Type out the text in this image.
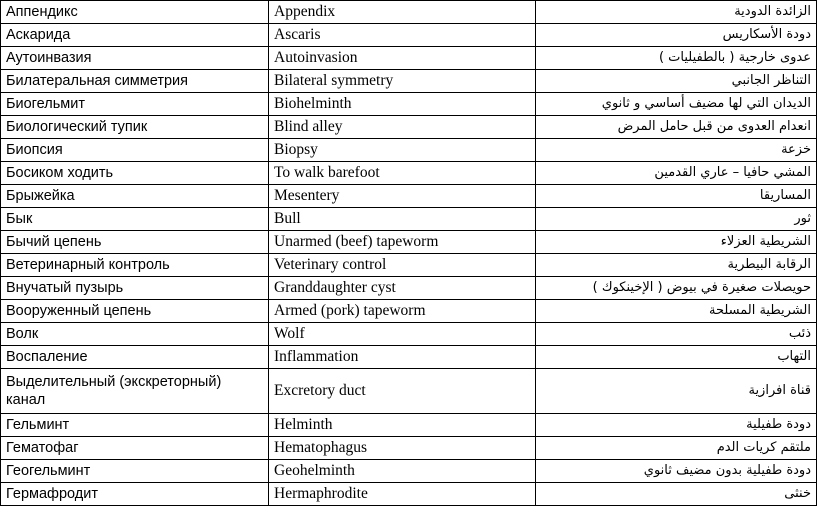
Аппендикс	Appendix	الزائدة الدودية
Аскарида	Ascaris	دودة الأسكاريس
Аутоинвазия	Autoinvasion	عدوى خارجية ( بالطفيليات )
Билатеральная симметрия	Bilateral symmetry	التناظر الجانبي
Биогельмит	Biohelminth	الديدان التي لها مضيف أساسي و ثانوي
Биологический тупик	Blind alley	انعدام العدوى من قبل حامل المرض
Биопсия	Biopsy	خزعة
Босиком ходить	To walk barefoot	المشي حافيا – عاري القدمين
Брыжейка	Mesentery	المساريقا
Бык	Bull	ثور
Бычий цепень	Unarmed (beef) tapeworm	الشريطية العزلاء
Ветеринарный контроль	Veterinary control	الرقابة البيطرية
Внучатый пузырь	Granddaughter cyst	حويصلات صغيرة في بيوض ( الإخينكوك )
Вооруженный цепень	Armed (pork) tapeworm	الشريطية المسلحة
Волк	Wolf	ذئب
Воспаление	Inflammation	التهاب
Выделительный (экскреторный) канал	Excretory duct	قناة افرازية
Гельминт	Helminth	دودة طفيلية
Гематофаг	Hematophagus	ملتقم كريات الدم
Геогельминт	Geohelminth	دودة طفيلية بدون مضيف ثانوي
Гермафродит	Hermaphrodite	خنثى
